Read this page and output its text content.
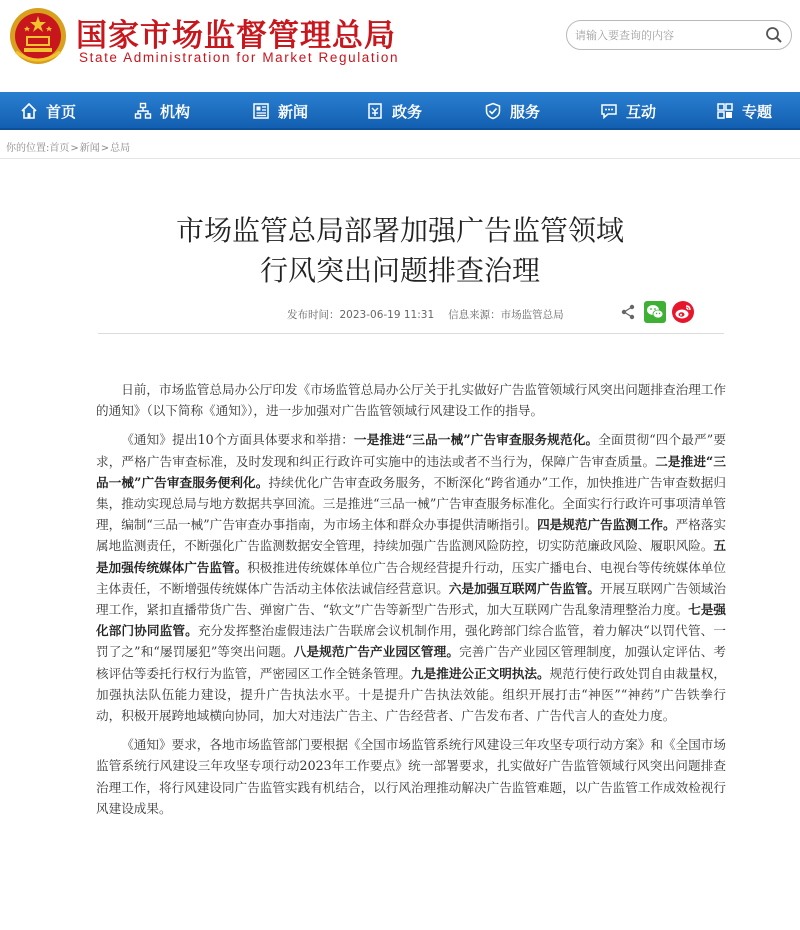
国家市场监督管理总局
State Administration for Market Regulation
请输入要查询的内容
首页	机构	新闻	政务	服务	互动	专题
你的位置:首页>新闻>总局
市场监管总局部署加强广告监管领域
行风突出问题排查治理
发布时间：2023-06-19 11:31 信息来源：市场监管总局

日前，市场监管总局办公厅印发《市场监管总局办公厅关于扎实做好广告监管领域行风突出问题排查治理工作的通知》（以下简称《通知》），进一步加强对广告监管领域行风建设工作的指导。

《通知》提出10个方面具体要求和举措：一是推进“三品一械”广告审查服务规范化。全面贯彻“四个最严”要求，严格广告审查标准，及时发现和纠正行政许可实施中的违法或者不当行为，保障广告审查质量。二是推进“三品一械”广告审查服务便利化。持续优化广告审查政务服务，不断深化“跨省通办”工作，加快推进广告审查数据归集，推动实现总局与地方数据共享回流。三是推进“三品一械”广告审查服务标准化。全面实行行政许可事项清单管理，编制“三品一械”广告审查办事指南，为市场主体和群众办事提供清晰指引。四是规范广告监测工作。严格落实属地监测责任，不断强化广告监测数据安全管理，持续加强广告监测风险防控，切实防范廉政风险、履职风险。五是加强传统媒体广告监管。积极推进传统媒体单位广告合规经营提升行动，压实广播电台、电视台等传统媒体单位主体责任，不断增强传统媒体广告活动主体依法诚信经营意识。六是加强互联网广告监管。开展互联网广告领域治理工作，紧扣直播带货广告、弹窗广告、“软文”广告等新型广告形式，加大互联网广告乱象清理整治力度。七是强化部门协同监管。充分发挥整治虚假违法广告联席会议机制作用，强化跨部门综合监管，着力解决“以罚代管、一罚了之”和“屡罚屡犯”等突出问题。八是规范广告产业园区管理。完善广告产业园区管理制度，加强认定评估、考核评估等委托行权行为监管，严密园区工作全链条管理。九是推进公正文明执法。规范行使行政处罚自由裁量权，加强执法队伍能力建设，提升广告执法水平。十是提升广告执法效能。组织开展打击“神医”“神药”广告铁拳行动，积极开展跨地域横向协同，加大对违法广告主、广告经营者、广告发布者、广告代言人的查处力度。

《通知》要求，各地市场监管部门要根据《全国市场监管系统行风建设三年攻坚专项行动方案》和《全国市场监管系统行风建设三年攻坚专项行动2023年工作要点》统一部署要求，扎实做好广告监管领域行风突出问题排查治理工作，将行风建设同广告监管实践有机结合，以行风治理推动解决广告监管难题，以广告监管工作成效检视行风建设成果。
